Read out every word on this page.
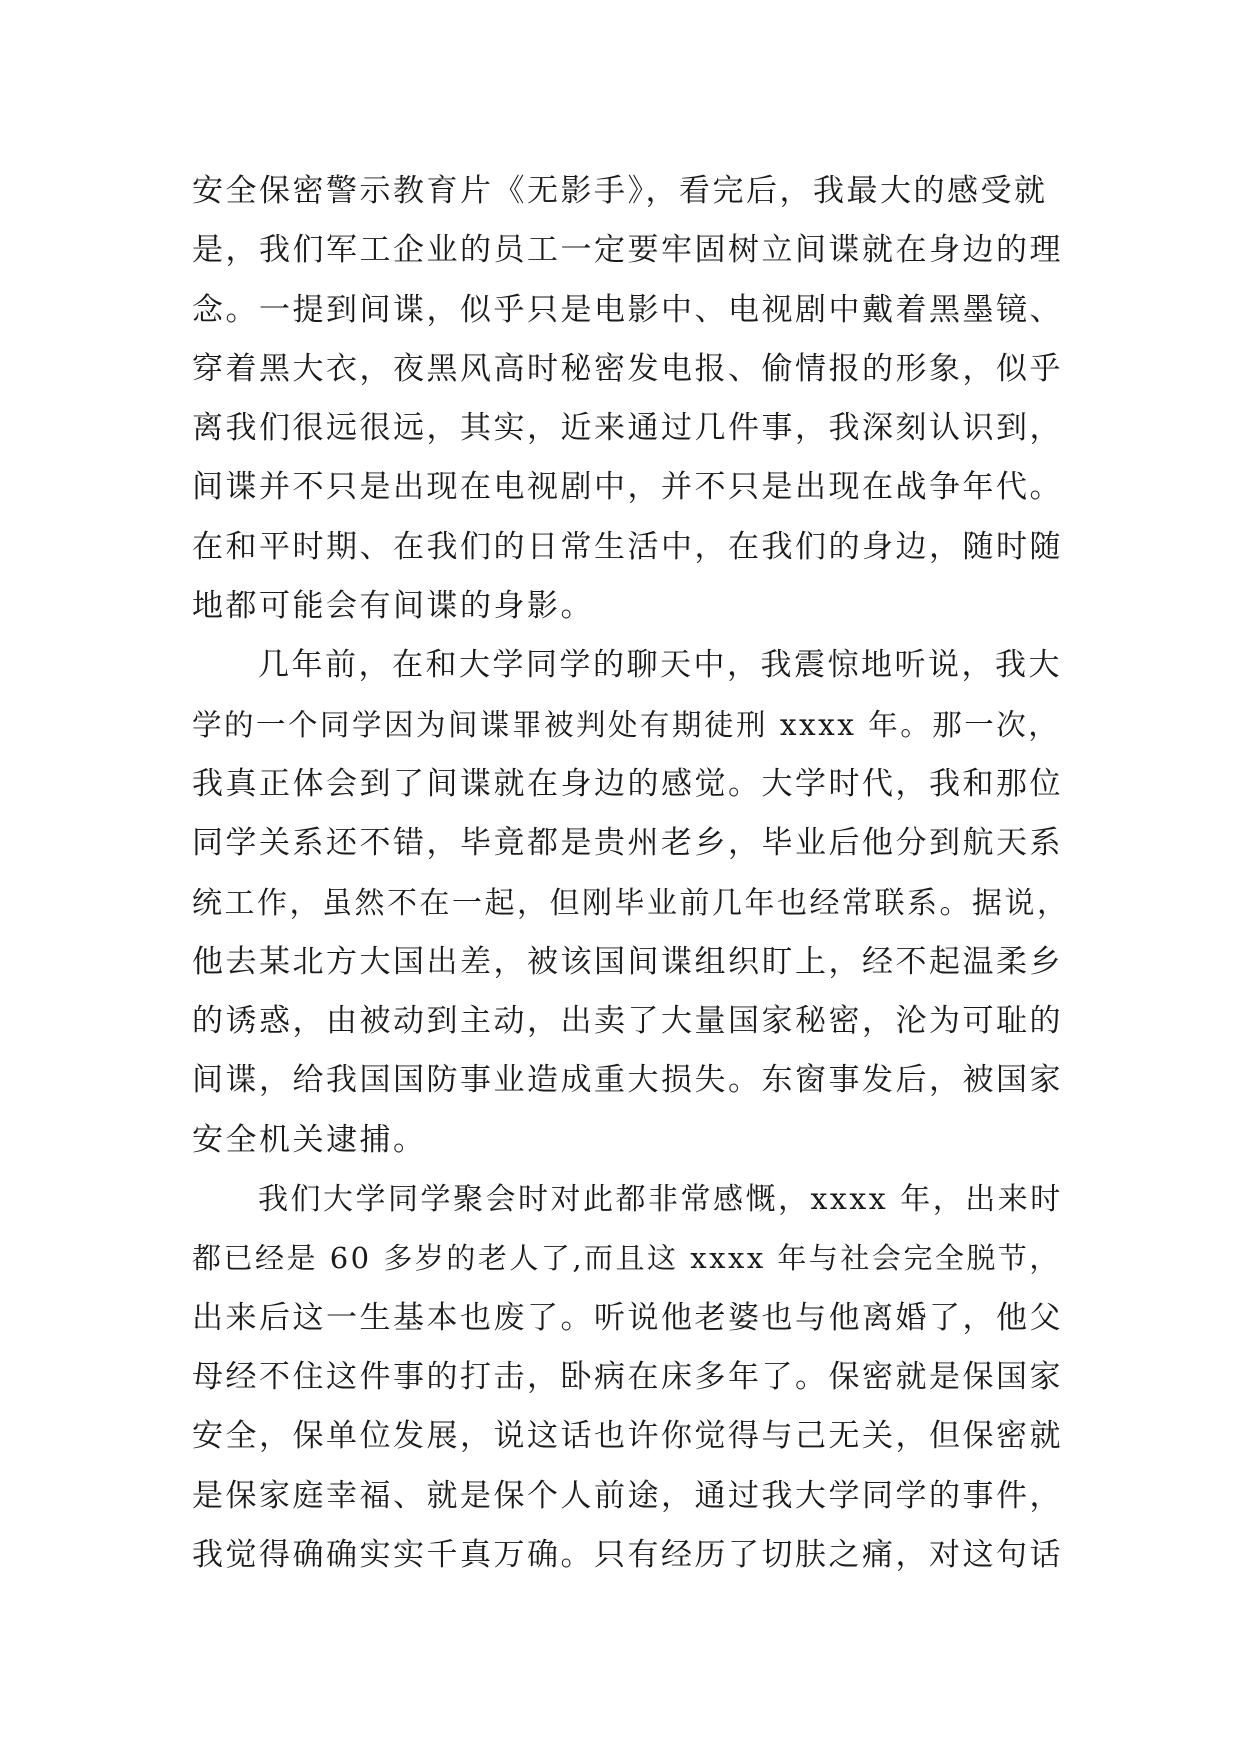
安全保密警示教育片《无影手》，看完后，我最大的感受就
是，我们军工企业的员工一定要牢固树立间谍就在身边的理
念。一提到间谍，似乎只是电影中、电视剧中戴着黑墨镜、
穿着黑大衣，夜黑风高时秘密发电报、偷情报的形象，似乎
离我们很远很远，其实，近来通过几件事，我深刻认识到，
间谍并不只是出现在电视剧中，并不只是出现在战争年代。
在和平时期、在我们的日常生活中，在我们的身边，随时随
地都可能会有间谍的身影。
几年前，在和大学同学的聊天中，我震惊地听说，我大
学的一个同学因为间谍罪被判处有期徒刑 xxxx 年。那一次，
我真正体会到了间谍就在身边的感觉。大学时代，我和那位
同学关系还不错，毕竟都是贵州老乡，毕业后他分到航天系
统工作，虽然不在一起，但刚毕业前几年也经常联系。据说，
他去某北方大国出差，被该国间谍组织盯上，经不起温柔乡
的诱惑，由被动到主动，出卖了大量国家秘密，沦为可耻的
间谍，给我国国防事业造成重大损失。东窗事发后，被国家
安全机关逮捕。
我们大学同学聚会时对此都非常感慨，xxxx 年，出来时
都已经是 60 多岁的老人了,而且这 xxxx 年与社会完全脱节，
出来后这一生基本也废了。听说他老婆也与他离婚了，他父
母经不住这件事的打击，卧病在床多年了。保密就是保国家
安全，保单位发展，说这话也许你觉得与己无关，但保密就
是保家庭幸福、就是保个人前途，通过我大学同学的事件，
我觉得确确实实千真万确。只有经历了切肤之痛，对这句话
